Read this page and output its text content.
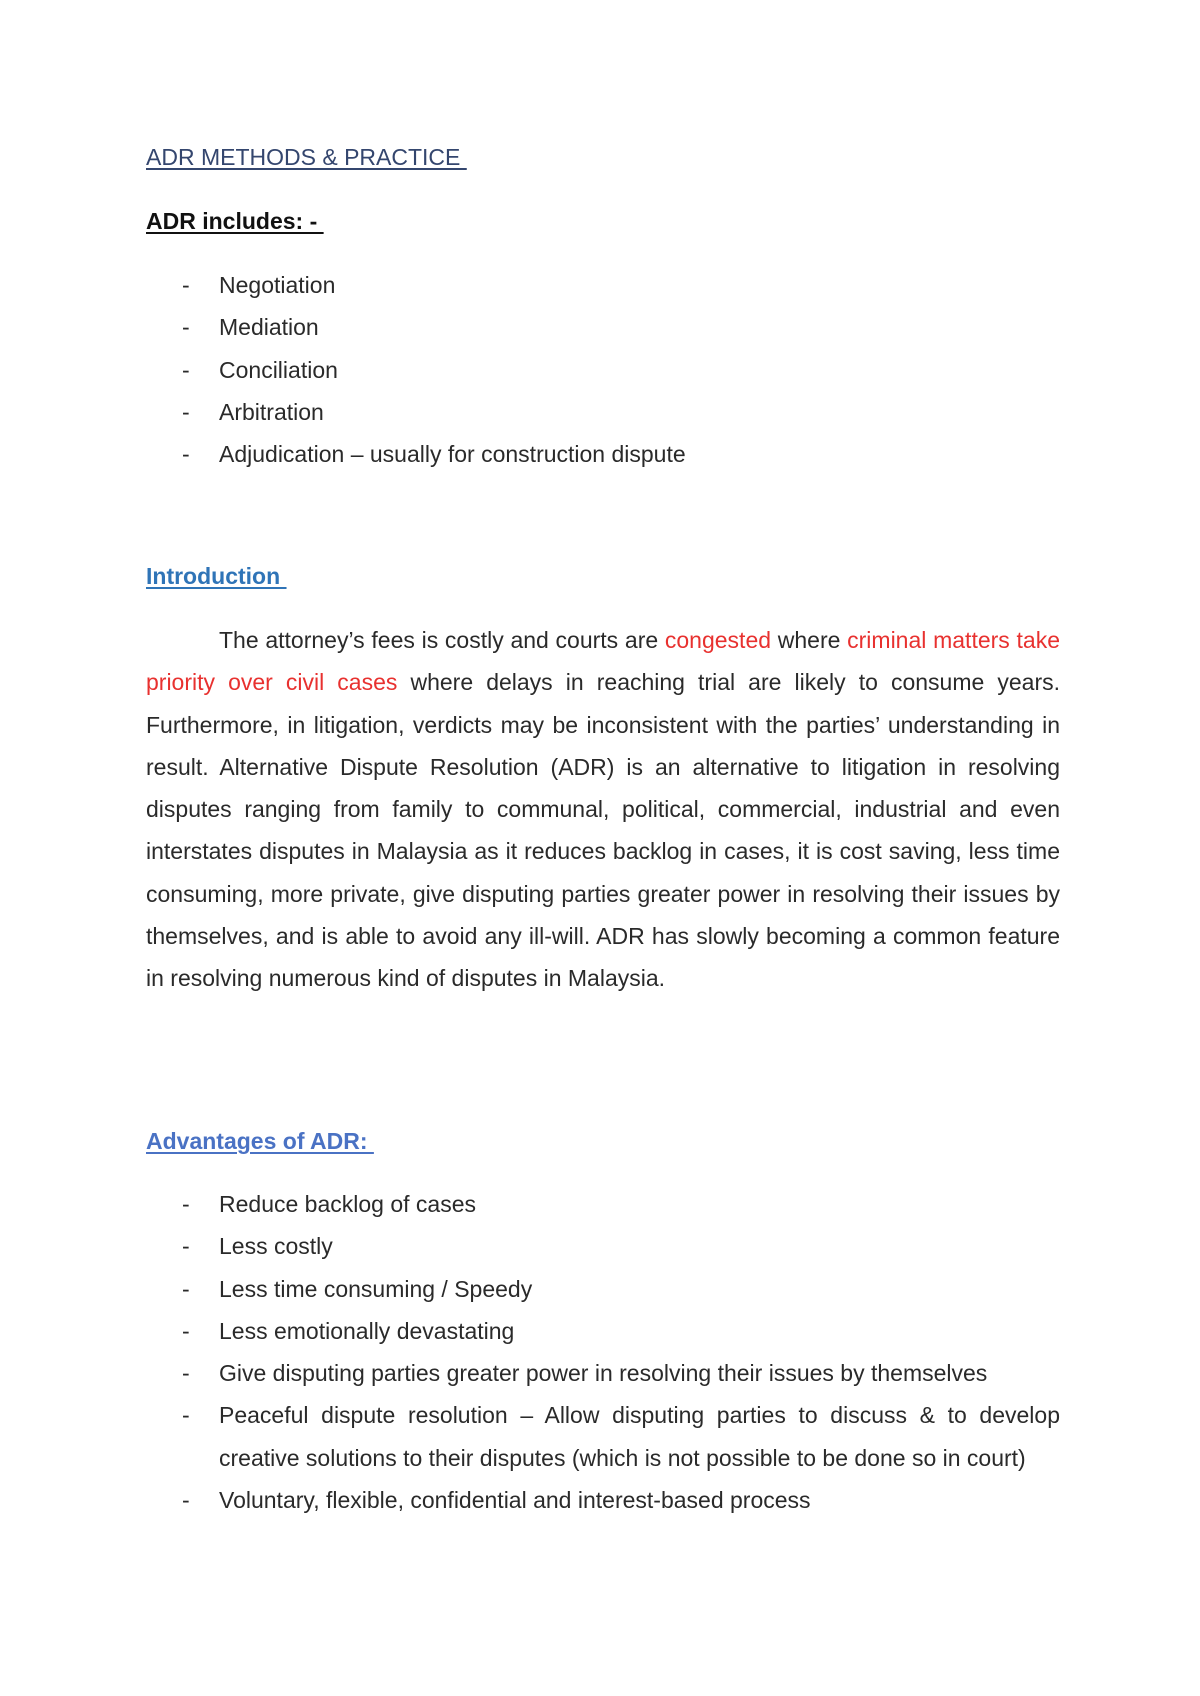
ADR METHODS & PRACTICE

ADR includes: -

- Negotiation
- Mediation
- Conciliation
- Arbitration
- Adjudication – usually for construction dispute
Introduction

The attorney’s fees is costly and courts are congested where criminal matters take priority over civil cases where delays in reaching trial are likely to consume years. Furthermore, in litigation, verdicts may be inconsistent with the parties’ understanding in result. Alternative Dispute Resolution (ADR) is an alternative to litigation in resolving disputes ranging from family to communal, political, commercial, industrial and even interstates disputes in Malaysia as it reduces backlog in cases, it is cost saving, less time consuming, more private, give disputing parties greater power in resolving their issues by themselves, and is able to avoid any ill-will. ADR has slowly becoming a common feature in resolving numerous kind of disputes in Malaysia.

Advantages of ADR:
- Reduce backlog of cases
- Less costly
- Less time consuming / Speedy
- Less emotionally devastating
- Give disputing parties greater power in resolving their issues by themselves
- Peaceful dispute resolution – Allow disputing parties to discuss & to develop creative solutions to their disputes (which is not possible to be done so in court)
- Voluntary, flexible, confidential and interest-based process
